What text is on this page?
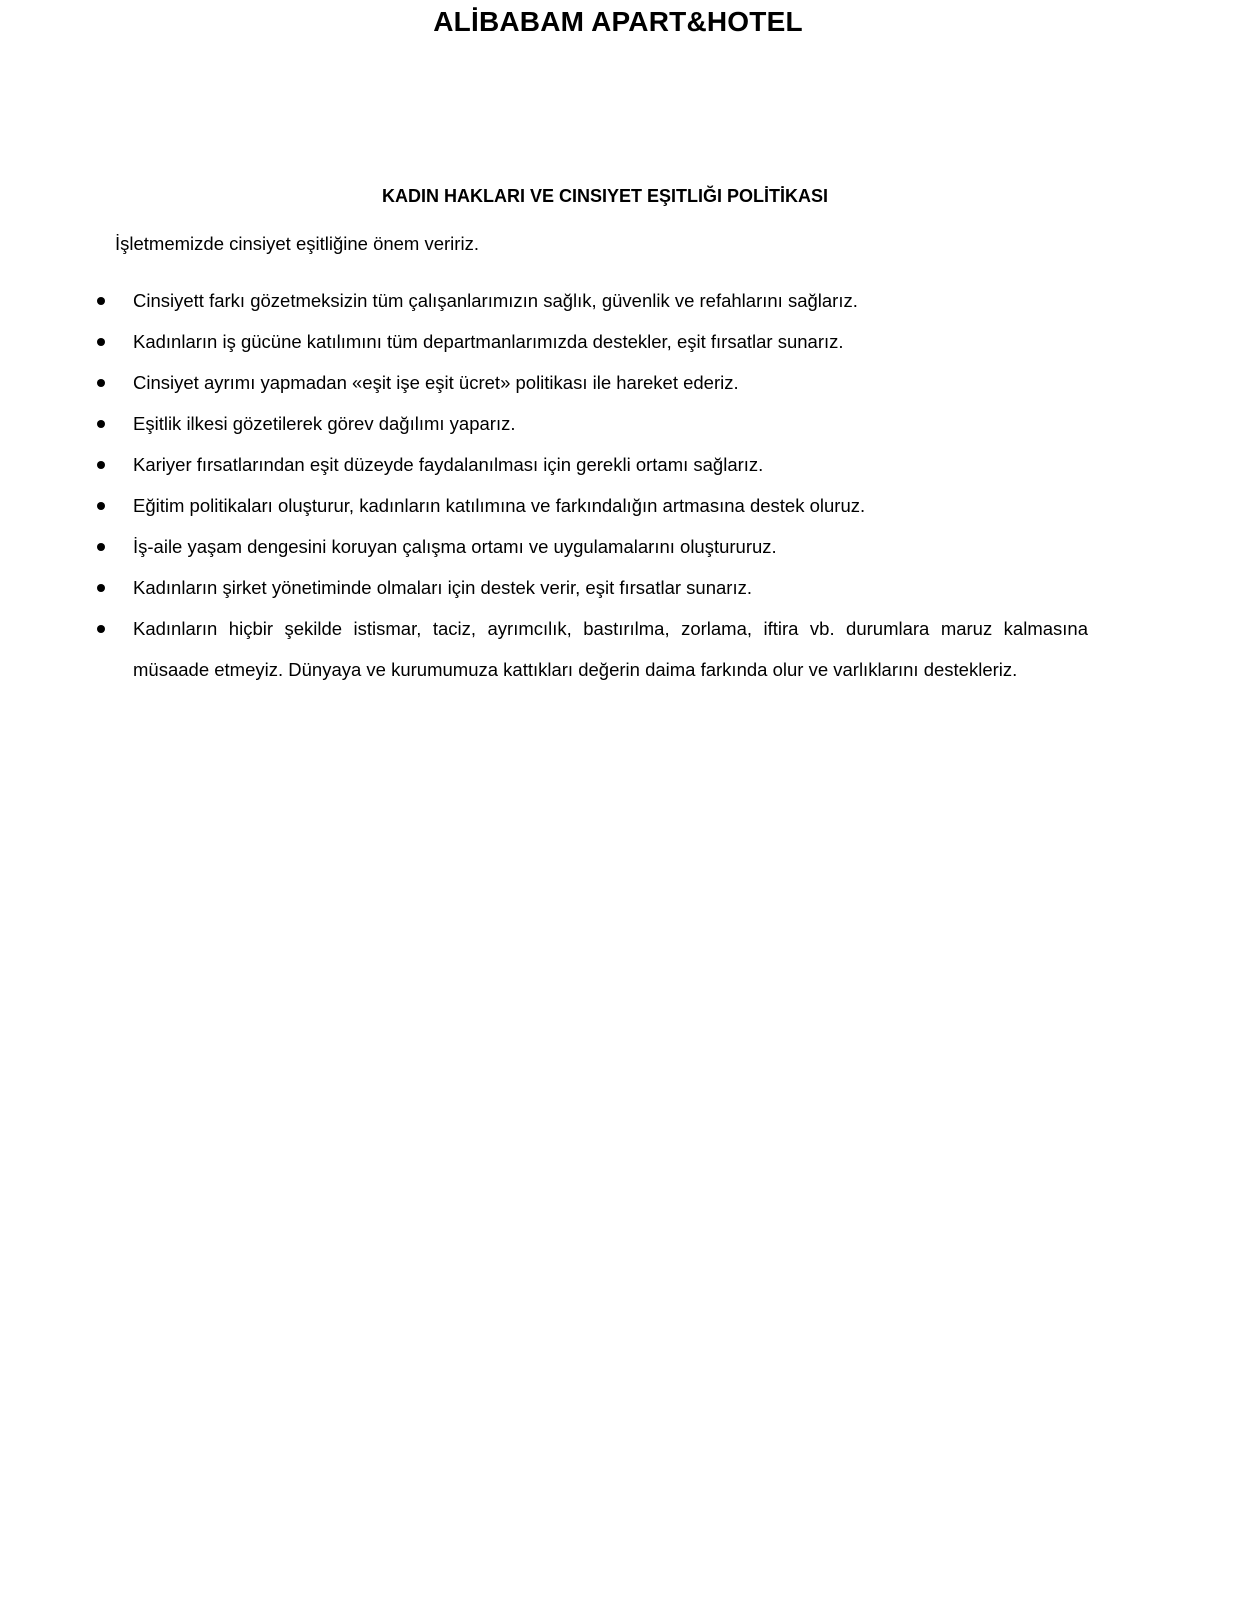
ALİBABAM APART&HOTEL
KADIN HAKLARI VE CINSIYET EŞITLIĞI POLİTİKASI
İşletmemizde cinsiyet eşitliğine önem veririz.
Cinsiyett farkı gözetmeksizin tüm çalışanlarımızın sağlık, güvenlik ve refahlarını sağlarız.
Kadınların iş gücüne katılımını tüm departmanlarımızda destekler, eşit fırsatlar sunarız.
Cinsiyet ayrımı yapmadan «eşit işe eşit ücret» politikası ile hareket ederiz.
Eşitlik ilkesi gözetilerek görev dağılımı yaparız.
Kariyer fırsatlarından eşit düzeyde faydalanılması için gerekli ortamı sağlarız.
Eğitim politikaları oluşturur, kadınların katılımına ve farkındalığın artmasına destek oluruz.
İş-aile yaşam dengesini koruyan çalışma ortamı ve uygulamalarını oluştururuz.
Kadınların şirket yönetiminde olmaları için destek verir, eşit fırsatlar sunarız.
Kadınların hiçbir şekilde istismar, taciz, ayrımcılık, bastırılma, zorlama, iftira vb. durumlara maruz kalmasına müsaade etmeyiz. Dünyaya ve kurumumuza kattıkları değerin daima farkında olur ve varlıklarını destekleriz.
